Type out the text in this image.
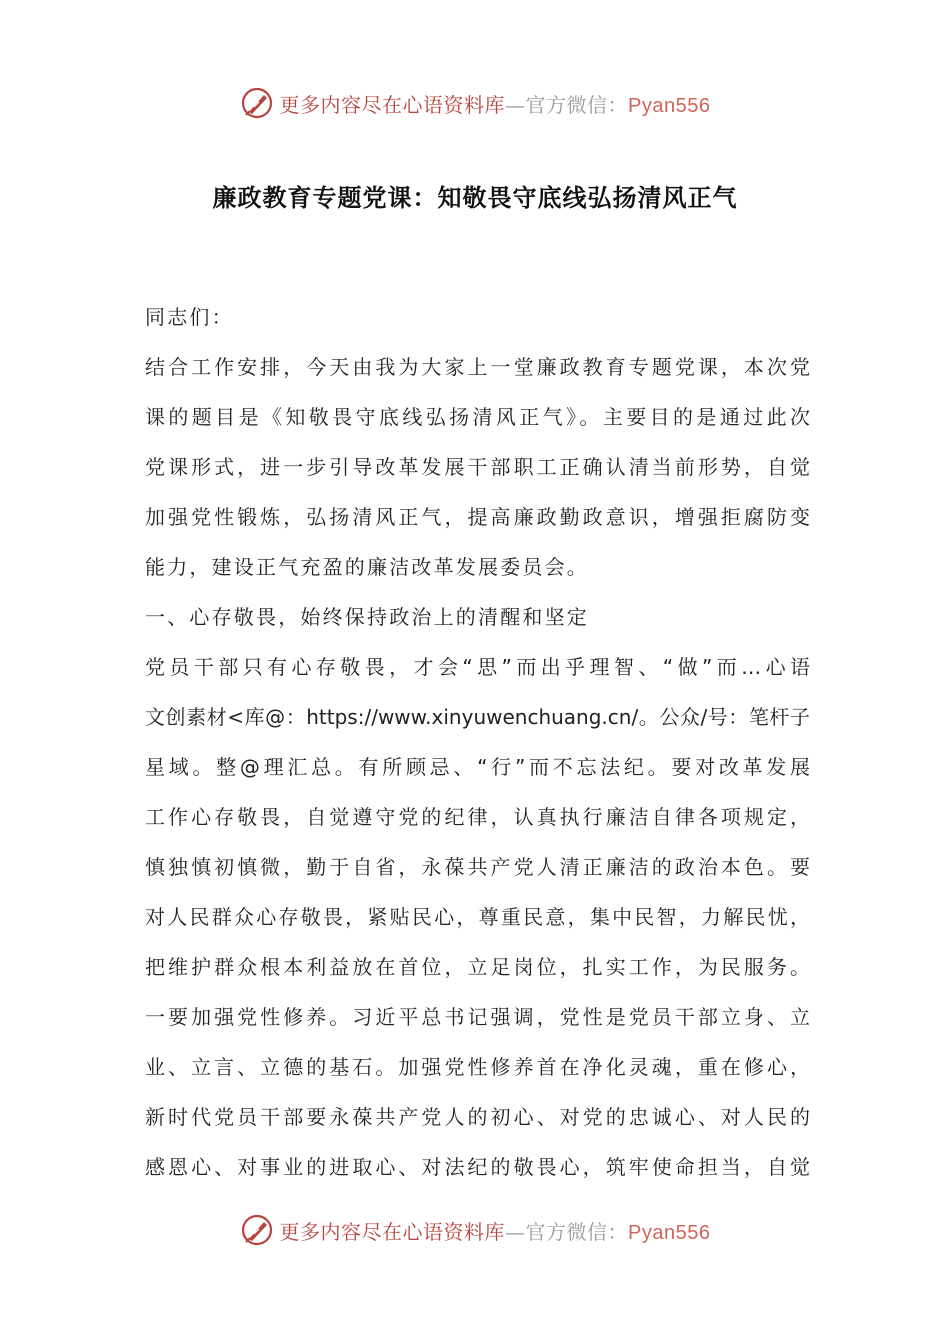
更多内容尽在心语资料库—官方微信：Pyan556
廉政教育专题党课：知敬畏守底线弘扬清风正气
同志们：
结合工作安排，今天由我为大家上一堂廉政教育专题党课，本次党
课的题目是《知敬畏守底线弘扬清风正气》。主要目的是通过此次
党课形式，进一步引导改革发展干部职工正确认清当前形势，自觉
加强党性锻炼，弘扬清风正气，提高廉政勤政意识，增强拒腐防变
能力，建设正气充盈的廉洁改革发展委员会。
一、心存敬畏，始终保持政治上的清醒和坚定
党员干部只有心存敬畏，才会“思”而出乎理智、“做”而…心语
文创素材<库@：https://www.xinyuwenchuang.cn/。公众/号：笔杆子
星域。整@理汇总。有所顾忌、“行”而不忘法纪。要对改革发展
工作心存敬畏，自觉遵守党的纪律，认真执行廉洁自律各项规定，
慎独慎初慎微，勤于自省，永葆共产党人清正廉洁的政治本色。要
对人民群众心存敬畏，紧贴民心，尊重民意，集中民智，力解民忧，
把维护群众根本利益放在首位，立足岗位，扎实工作，为民服务。
一要加强党性修养。习近平总书记强调，党性是党员干部立身、立
业、立言、立德的基石。加强党性修养首在净化灵魂，重在修心，
新时代党员干部要永葆共产党人的初心、对党的忠诚心、对人民的
感恩心、对事业的进取心、对法纪的敬畏心，筑牢使命担当，自觉
更多内容尽在心语资料库—官方微信：Pyan556
